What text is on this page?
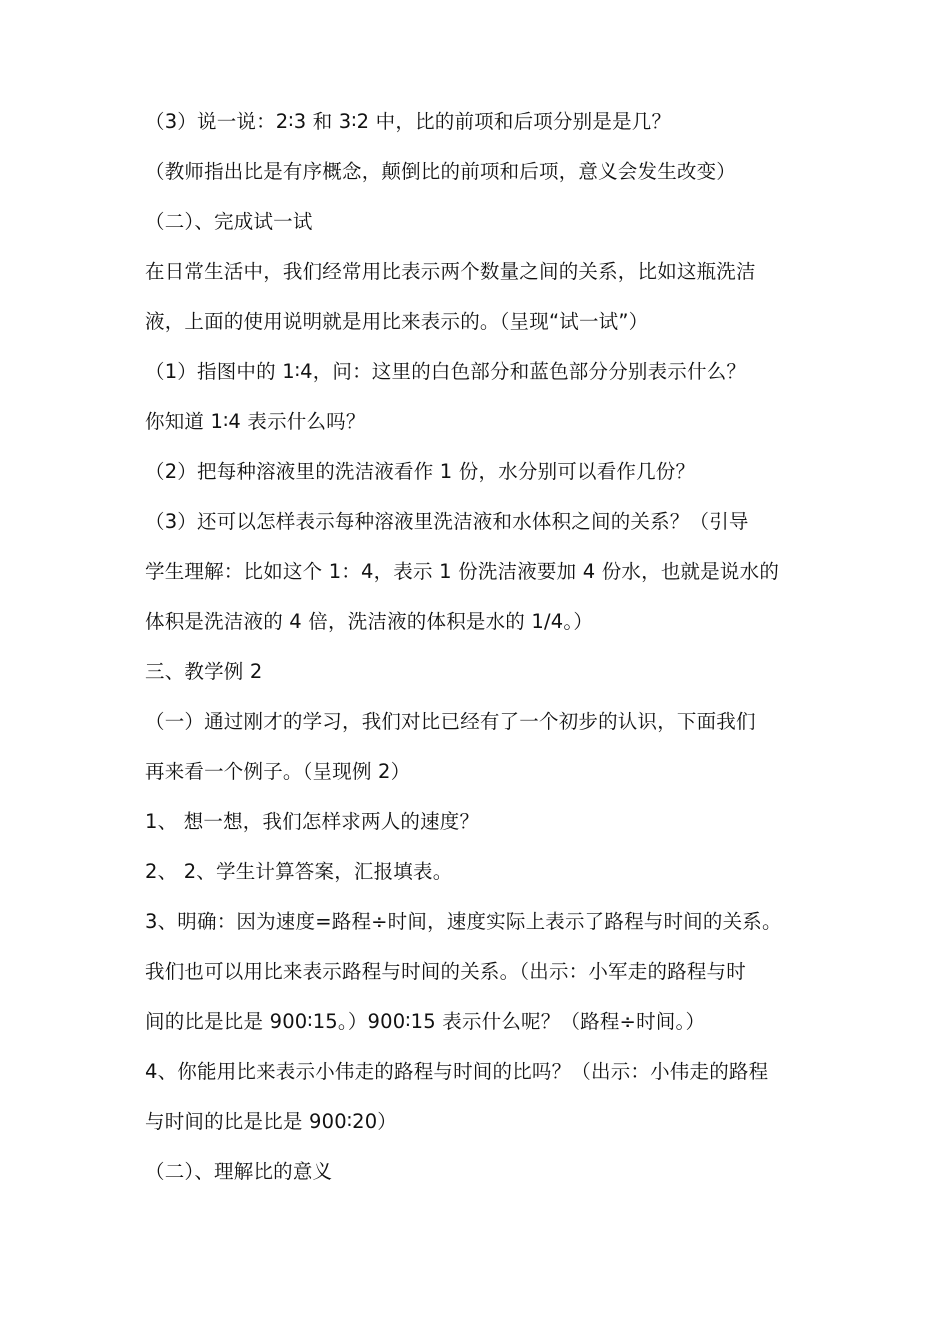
（3）说一说：2∶3 和 3∶2 中，比的前项和后项分别是是几？
（教师指出比是有序概念，颠倒比的前项和后项，意义会发生改变）
（二）、完成试一试
在日常生活中，我们经常用比表示两个数量之间的关系，比如这瓶洗洁
液，上面的使用说明就是用比来表示的。（呈现“试一试”）
（1）指图中的 1∶4，问：这里的白色部分和蓝色部分分别表示什么？
你知道 1∶4 表示什么吗？
（2）把每种溶液里的洗洁液看作 1 份，水分别可以看作几份？
（3）还可以怎样表示每种溶液里洗洁液和水体积之间的关系？（引导
学生理解：比如这个 1：4，表示 1 份洗洁液要加 4 份水，也就是说水的
体积是洗洁液的 4 倍，洗洁液的体积是水的 1/4。）
三、教学例 2
（一）通过刚才的学习，我们对比已经有了一个初步的认识，下面我们
再来看一个例子。（呈现例 2）
1、 想一想，我们怎样求两人的速度？
2、 2、学生计算答案，汇报填表。
3、明确：因为速度=路程÷时间，速度实际上表示了路程与时间的关系。
我们也可以用比来表示路程与时间的关系。（出示：小军走的路程与时
间的比是比是 900∶15。）900∶15 表示什么呢？（路程÷时间。）
4、你能用比来表示小伟走的路程与时间的比吗？（出示：小伟走的路程
与时间的比是比是 900∶20）
（二）、理解比的意义
